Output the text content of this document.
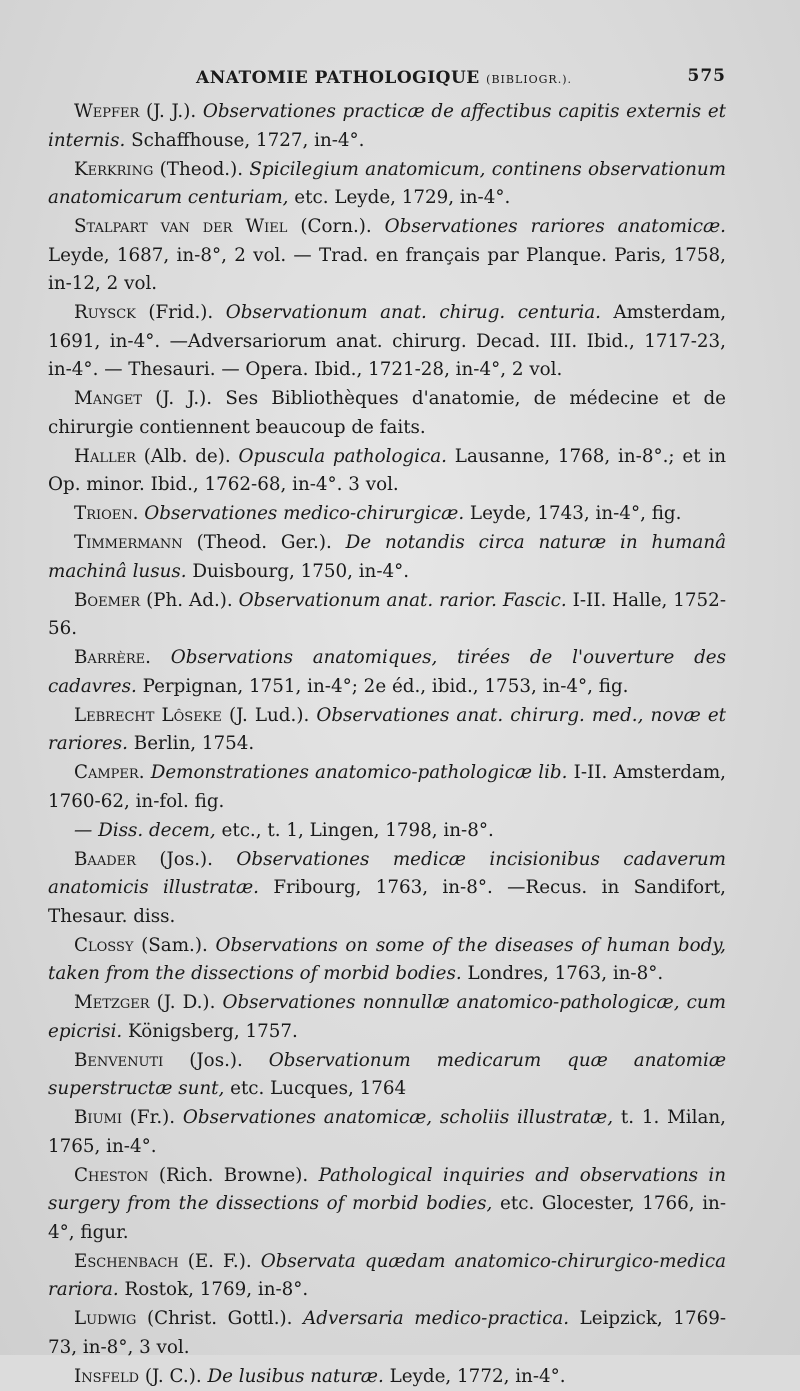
ANATOMIE PATHOLOGIQUE (BIBLIOGR.).	575

Wepfer (J. J.). Observationes practicæ de affectibus capitis externis et internis. Schaffhouse, 1727, in-4°.

Kerkring (Theod.). Spicilegium anatomicum, continens observationum anatomicarum centuriam, etc. Leyde, 1729, in-4°.

Stalpart van der Wiel (Corn.). Observationes rariores anatomicæ. Leyde, 1687, in-8°, 2 vol. — Trad. en français par Planque. Paris, 1758, in-12, 2 vol.

Ruysck (Frid.). Observationum anat. chirug. centuria. Amsterdam, 1691, in-4°. —Adversariorum anat. chirurg. Decad. III. Ibid., 1717-23, in-4°. — Thesauri. — Opera. Ibid., 1721-28, in-4°, 2 vol.

Manget (J. J.). Ses Bibliothèques d'anatomie, de médecine et de chirurgie contiennent beaucoup de faits.

Haller (Alb. de). Opuscula pathologica. Lausanne, 1768, in-8°.; et in Op. minor. Ibid., 1762-68, in-4°. 3 vol.

Trioen. Observationes medico-chirurgicæ. Leyde, 1743, in-4°, fig.

Timmermann (Theod. Ger.). De notandis circa naturæ in humanâ machinâ lusus. Duisbourg, 1750, in-4°.

Boemer (Ph. Ad.). Observationum anat. rarior. Fascic. I-II. Halle, 1752-56.

Barrère. Observations anatomiques, tirées de l'ouverture des cadavres. Perpignan, 1751, in-4°; 2e éd., ibid., 1753, in-4°, fig.

Lebrecht Lôseke (J. Lud.). Observationes anat. chirurg. med., novæ et rariores. Berlin, 1754.

Camper. Demonstrationes anatomico-pathologicæ lib. I-II. Amsterdam, 1760-62, in-fol. fig.

— Diss. decem, etc., t. 1, Lingen, 1798, in-8°.

Baader (Jos.). Observationes medicæ incisionibus cadaverum anatomicis illustratæ. Fribourg, 1763, in-8°. —Recus. in Sandifort, Thesaur. diss.

Clossy (Sam.). Observations on some of the diseases of human body, taken from the dissections of morbid bodies. Londres, 1763, in-8°.

Metzger (J. D.). Observationes nonnullæ anatomico-pathologicæ, cum epicrisi. Königsberg, 1757.

Benvenuti (Jos.). Observationum medicarum quæ anatomiæ superstructæ sunt, etc. Lucques, 1764

Biumi (Fr.). Observationes anatomicæ, scholiis illustratæ, t. 1. Milan, 1765, in-4°.

Cheston (Rich. Browne). Pathological inquiries and observations in surgery from the dissections of morbid bodies, etc. Glocester, 1766, in-4°, figur.

Eschenbach (E. F.). Observata quædam anatomico-chirurgico-medica rariora. Rostok, 1769, in-8°.

Ludwig (Christ. Gottl.). Adversaria medico-practica. Leipzick, 1769-73, in-8°, 3 vol.

Insfeld (J. C.). De lusibus naturæ. Leyde, 1772, in-4°.
